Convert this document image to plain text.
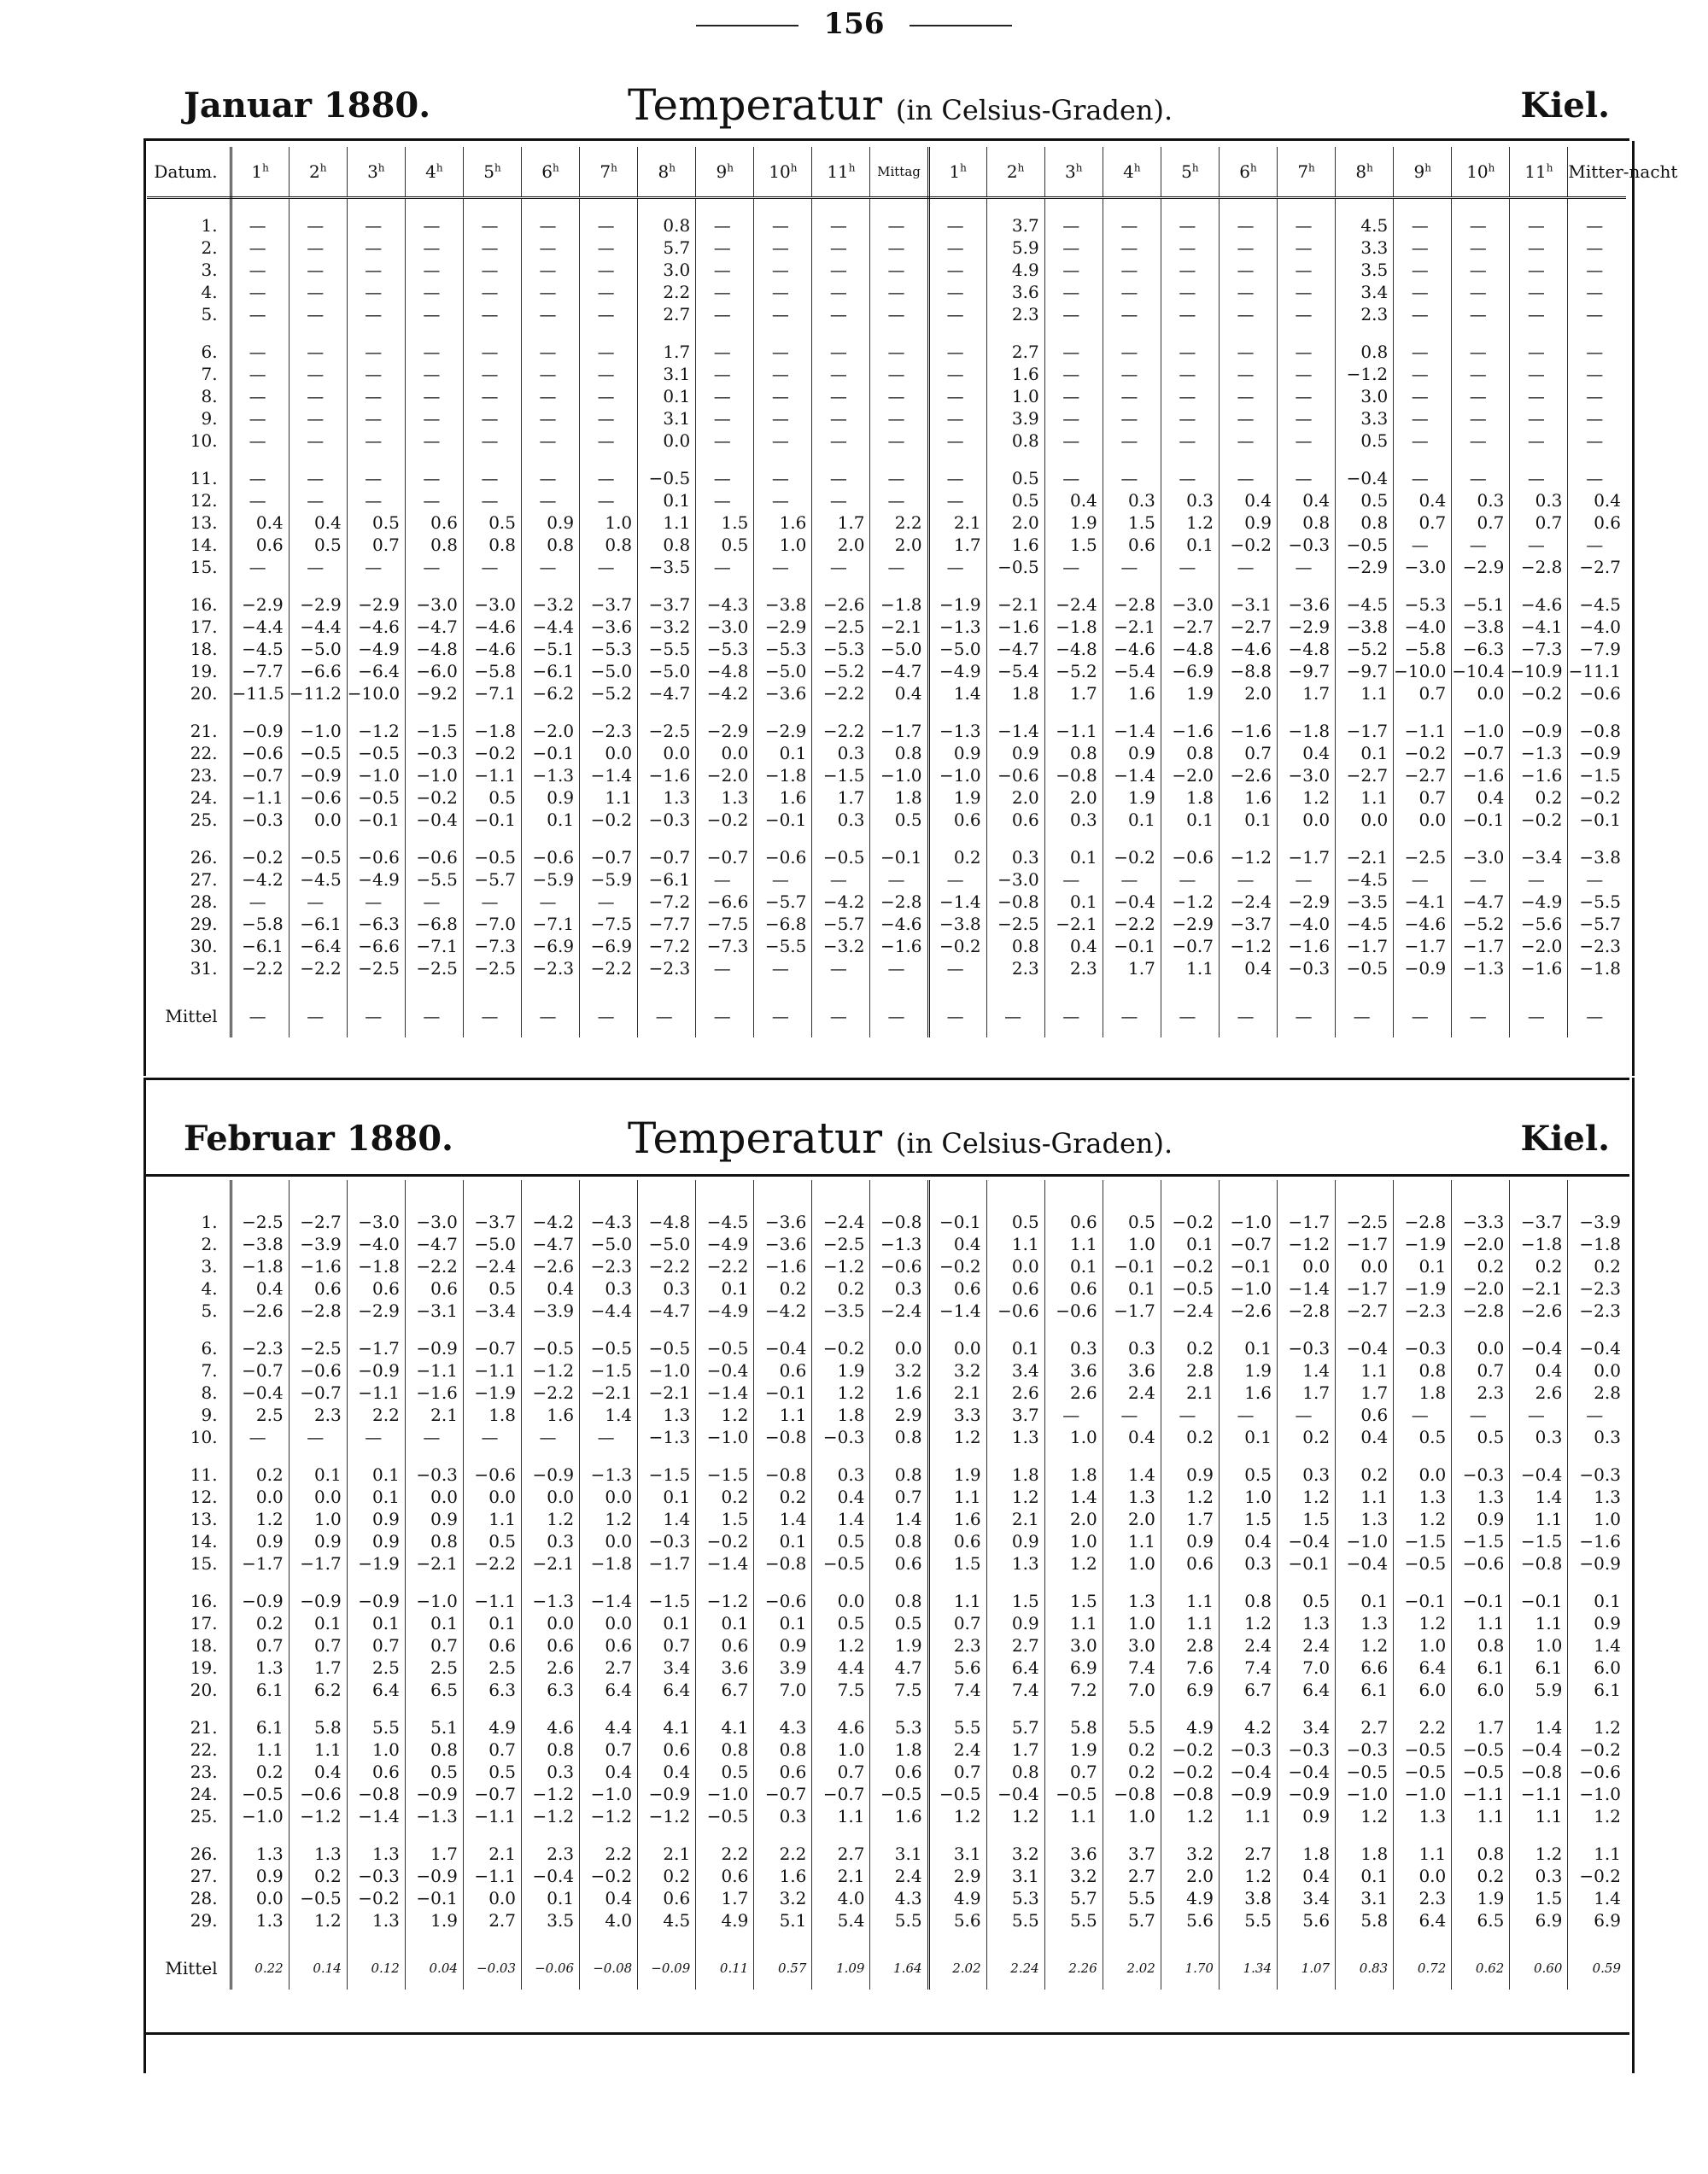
156
Januar 1880.	Temperatur (in Celsius-Graden).	Kiel.
Datum.	1$^h$	2$^h$	3$^h$	4$^h$	5$^h$	6$^h$	7$^h$	8$^h$	9$^h$	10$^h$	11$^h$	Mittag	1$^h$	2$^h$	3$^h$	4$^h$	5$^h$	6$^h$	7$^h$	8$^h$	9$^h$	10$^h$	11$^h$	Mitter-nacht

1.	—	—	—	—	—	—	—	0.8	—	—	—	—	—	3.7	—	—	—	—	—	4.5	—	—	—	—
2.	—	—	—	—	—	—	—	5.7	—	—	—	—	—	5.9	—	—	—	—	—	3.3	—	—	—	—
3.	—	—	—	—	—	—	—	3.0	—	—	—	—	—	4.9	—	—	—	—	—	3.5	—	—	—	—
4.	—	—	—	—	—	—	—	2.2	—	—	—	—	—	3.6	—	—	—	—	—	3.4	—	—	—	—
5.	—	—	—	—	—	—	—	2.7	—	—	—	—	—	2.3	—	—	—	—	—	2.3	—	—	—	—

6.	—	—	—	—	—	—	—	1.7	—	—	—	—	—	2.7	—	—	—	—	—	0.8	—	—	—	—
7.	—	—	—	—	—	—	—	3.1	—	—	—	—	—	1.6	—	—	—	—	—	−1.2	—	—	—	—
8.	—	—	—	—	—	—	—	0.1	—	—	—	—	—	1.0	—	—	—	—	—	3.0	—	—	—	—
9.	—	—	—	—	—	—	—	3.1	—	—	—	—	—	3.9	—	—	—	—	—	3.3	—	—	—	—
10.	—	—	—	—	—	—	—	0.0	—	—	—	—	—	0.8	—	—	—	—	—	0.5	—	—	—	—

11.	—	—	—	—	—	—	—	−0.5	—	—	—	—	—	0.5	—	—	—	—	—	−0.4	—	—	—	—
12.	—	—	—	—	—	—	—	0.1	—	—	—	—	—	0.5	0.4	0.3	0.3	0.4	0.4	0.5	0.4	0.3	0.3	0.4
13.	0.4	0.4	0.5	0.6	0.5	0.9	1.0	1.1	1.5	1.6	1.7	2.2	2.1	2.0	1.9	1.5	1.2	0.9	0.8	0.8	0.7	0.7	0.7	0.6
14.	0.6	0.5	0.7	0.8	0.8	0.8	0.8	0.8	0.5	1.0	2.0	2.0	1.7	1.6	1.5	0.6	0.1	−0.2	−0.3	−0.5	—	—	—	—
15.	—	—	—	—	—	—	—	−3.5	—	—	—	—	—	−0.5	—	—	—	—	—	−2.9	−3.0	−2.9	−2.8	−2.7

16.	−2.9	−2.9	−2.9	−3.0	−3.0	−3.2	−3.7	−3.7	−4.3	−3.8	−2.6	−1.8	−1.9	−2.1	−2.4	−2.8	−3.0	−3.1	−3.6	−4.5	−5.3	−5.1	−4.6	−4.5
17.	−4.4	−4.4	−4.6	−4.7	−4.6	−4.4	−3.6	−3.2	−3.0	−2.9	−2.5	−2.1	−1.3	−1.6	−1.8	−2.1	−2.7	−2.7	−2.9	−3.8	−4.0	−3.8	−4.1	−4.0
18.	−4.5	−5.0	−4.9	−4.8	−4.6	−5.1	−5.3	−5.5	−5.3	−5.3	−5.3	−5.0	−5.0	−4.7	−4.8	−4.6	−4.8	−4.6	−4.8	−5.2	−5.8	−6.3	−7.3	−7.9
19.	−7.7	−6.6	−6.4	−6.0	−5.8	−6.1	−5.0	−5.0	−4.8	−5.0	−5.2	−4.7	−4.9	−5.4	−5.2	−5.4	−6.9	−8.8	−9.7	−9.7	−10.0	−10.4	−10.9	−11.1
20.	−11.5	−11.2	−10.0	−9.2	−7.1	−6.2	−5.2	−4.7	−4.2	−3.6	−2.2	0.4	1.4	1.8	1.7	1.6	1.9	2.0	1.7	1.1	0.7	0.0	−0.2	−0.6

21.	−0.9	−1.0	−1.2	−1.5	−1.8	−2.0	−2.3	−2.5	−2.9	−2.9	−2.2	−1.7	−1.3	−1.4	−1.1	−1.4	−1.6	−1.6	−1.8	−1.7	−1.1	−1.0	−0.9	−0.8
22.	−0.6	−0.5	−0.5	−0.3	−0.2	−0.1	0.0	0.0	0.0	0.1	0.3	0.8	0.9	0.9	0.8	0.9	0.8	0.7	0.4	0.1	−0.2	−0.7	−1.3	−0.9
23.	−0.7	−0.9	−1.0	−1.0	−1.1	−1.3	−1.4	−1.6	−2.0	−1.8	−1.5	−1.0	−1.0	−0.6	−0.8	−1.4	−2.0	−2.6	−3.0	−2.7	−2.7	−1.6	−1.6	−1.5
24.	−1.1	−0.6	−0.5	−0.2	0.5	0.9	1.1	1.3	1.3	1.6	1.7	1.8	1.9	2.0	2.0	1.9	1.8	1.6	1.2	1.1	0.7	0.4	0.2	−0.2
25.	−0.3	0.0	−0.1	−0.4	−0.1	0.1	−0.2	−0.3	−0.2	−0.1	0.3	0.5	0.6	0.6	0.3	0.1	0.1	0.1	0.0	0.0	0.0	−0.1	−0.2	−0.1

26.	−0.2	−0.5	−0.6	−0.6	−0.5	−0.6	−0.7	−0.7	−0.7	−0.6	−0.5	−0.1	0.2	0.3	0.1	−0.2	−0.6	−1.2	−1.7	−2.1	−2.5	−3.0	−3.4	−3.8
27.	−4.2	−4.5	−4.9	−5.5	−5.7	−5.9	−5.9	−6.1	—	—	—	—	—	−3.0	—	—	—	—	—	−4.5	—	—	—	—
28.	—	—	—	—	—	—	—	−7.2	−6.6	−5.7	−4.2	−2.8	−1.4	−0.8	0.1	−0.4	−1.2	−2.4	−2.9	−3.5	−4.1	−4.7	−4.9	−5.5
29.	−5.8	−6.1	−6.3	−6.8	−7.0	−7.1	−7.5	−7.7	−7.5	−6.8	−5.7	−4.6	−3.8	−2.5	−2.1	−2.2	−2.9	−3.7	−4.0	−4.5	−4.6	−5.2	−5.6	−5.7
30.	−6.1	−6.4	−6.6	−7.1	−7.3	−6.9	−6.9	−7.2	−7.3	−5.5	−3.2	−1.6	−0.2	0.8	0.4	−0.1	−0.7	−1.2	−1.6	−1.7	−1.7	−1.7	−2.0	−2.3
31.	−2.2	−2.2	−2.5	−2.5	−2.5	−2.3	−2.2	−2.3	—	—	—	—	—	2.3	2.3	1.7	1.1	0.4	−0.3	−0.5	−0.9	−1.3	−1.6	−1.8

Mittel	—	—	—	—	—	—	—	—	—	—	—	—	—	—	—	—	—	—	—	—	—	—	—	—
Februar 1880.	Temperatur (in Celsius-Graden).	Kiel.

1.	−2.5	−2.7	−3.0	−3.0	−3.7	−4.2	−4.3	−4.8	−4.5	−3.6	−2.4	−0.8	−0.1	0.5	0.6	0.5	−0.2	−1.0	−1.7	−2.5	−2.8	−3.3	−3.7	−3.9
2.	−3.8	−3.9	−4.0	−4.7	−5.0	−4.7	−5.0	−5.0	−4.9	−3.6	−2.5	−1.3	0.4	1.1	1.1	1.0	0.1	−0.7	−1.2	−1.7	−1.9	−2.0	−1.8	−1.8
3.	−1.8	−1.6	−1.8	−2.2	−2.4	−2.6	−2.3	−2.2	−2.2	−1.6	−1.2	−0.6	−0.2	0.0	0.1	−0.1	−0.2	−0.1	0.0	0.0	0.1	0.2	0.2	0.2
4.	0.4	0.6	0.6	0.6	0.5	0.4	0.3	0.3	0.1	0.2	0.2	0.3	0.6	0.6	0.6	0.1	−0.5	−1.0	−1.4	−1.7	−1.9	−2.0	−2.1	−2.3
5.	−2.6	−2.8	−2.9	−3.1	−3.4	−3.9	−4.4	−4.7	−4.9	−4.2	−3.5	−2.4	−1.4	−0.6	−0.6	−1.7	−2.4	−2.6	−2.8	−2.7	−2.3	−2.8	−2.6	−2.3

6.	−2.3	−2.5	−1.7	−0.9	−0.7	−0.5	−0.5	−0.5	−0.5	−0.4	−0.2	0.0	0.0	0.1	0.3	0.3	0.2	0.1	−0.3	−0.4	−0.3	0.0	−0.4	−0.4
7.	−0.7	−0.6	−0.9	−1.1	−1.1	−1.2	−1.5	−1.0	−0.4	0.6	1.9	3.2	3.2	3.4	3.6	3.6	2.8	1.9	1.4	1.1	0.8	0.7	0.4	0.0
8.	−0.4	−0.7	−1.1	−1.6	−1.9	−2.2	−2.1	−2.1	−1.4	−0.1	1.2	1.6	2.1	2.6	2.6	2.4	2.1	1.6	1.7	1.7	1.8	2.3	2.6	2.8
9.	2.5	2.3	2.2	2.1	1.8	1.6	1.4	1.3	1.2	1.1	1.8	2.9	3.3	3.7	—	—	—	—	—	0.6	—	—	—	—
10.	—	—	—	—	—	—	—	−1.3	−1.0	−0.8	−0.3	0.8	1.2	1.3	1.0	0.4	0.2	0.1	0.2	0.4	0.5	0.5	0.3	0.3

11.	0.2	0.1	0.1	−0.3	−0.6	−0.9	−1.3	−1.5	−1.5	−0.8	0.3	0.8	1.9	1.8	1.8	1.4	0.9	0.5	0.3	0.2	0.0	−0.3	−0.4	−0.3
12.	0.0	0.0	0.1	0.0	0.0	0.0	0.0	0.1	0.2	0.2	0.4	0.7	1.1	1.2	1.4	1.3	1.2	1.0	1.2	1.1	1.3	1.3	1.4	1.3
13.	1.2	1.0	0.9	0.9	1.1	1.2	1.2	1.4	1.5	1.4	1.4	1.4	1.6	2.1	2.0	2.0	1.7	1.5	1.5	1.3	1.2	0.9	1.1	1.0
14.	0.9	0.9	0.9	0.8	0.5	0.3	0.0	−0.3	−0.2	0.1	0.5	0.8	0.6	0.9	1.0	1.1	0.9	0.4	−0.4	−1.0	−1.5	−1.5	−1.5	−1.6
15.	−1.7	−1.7	−1.9	−2.1	−2.2	−2.1	−1.8	−1.7	−1.4	−0.8	−0.5	0.6	1.5	1.3	1.2	1.0	0.6	0.3	−0.1	−0.4	−0.5	−0.6	−0.8	−0.9

16.	−0.9	−0.9	−0.9	−1.0	−1.1	−1.3	−1.4	−1.5	−1.2	−0.6	0.0	0.8	1.1	1.5	1.5	1.3	1.1	0.8	0.5	0.1	−0.1	−0.1	−0.1	0.1
17.	0.2	0.1	0.1	0.1	0.1	0.0	0.0	0.1	0.1	0.1	0.5	0.5	0.7	0.9	1.1	1.0	1.1	1.2	1.3	1.3	1.2	1.1	1.1	0.9
18.	0.7	0.7	0.7	0.7	0.6	0.6	0.6	0.7	0.6	0.9	1.2	1.9	2.3	2.7	3.0	3.0	2.8	2.4	2.4	1.2	1.0	0.8	1.0	1.4
19.	1.3	1.7	2.5	2.5	2.5	2.6	2.7	3.4	3.6	3.9	4.4	4.7	5.6	6.4	6.9	7.4	7.6	7.4	7.0	6.6	6.4	6.1	6.1	6.0
20.	6.1	6.2	6.4	6.5	6.3	6.3	6.4	6.4	6.7	7.0	7.5	7.5	7.4	7.4	7.2	7.0	6.9	6.7	6.4	6.1	6.0	6.0	5.9	6.1

21.	6.1	5.8	5.5	5.1	4.9	4.6	4.4	4.1	4.1	4.3	4.6	5.3	5.5	5.7	5.8	5.5	4.9	4.2	3.4	2.7	2.2	1.7	1.4	1.2
22.	1.1	1.1	1.0	0.8	0.7	0.8	0.7	0.6	0.8	0.8	1.0	1.8	2.4	1.7	1.9	0.2	−0.2	−0.3	−0.3	−0.3	−0.5	−0.5	−0.4	−0.2
23.	0.2	0.4	0.6	0.5	0.5	0.3	0.4	0.4	0.5	0.6	0.7	0.6	0.7	0.8	0.7	0.2	−0.2	−0.4	−0.4	−0.5	−0.5	−0.5	−0.8	−0.6
24.	−0.5	−0.6	−0.8	−0.9	−0.7	−1.2	−1.0	−0.9	−1.0	−0.7	−0.7	−0.5	−0.5	−0.4	−0.5	−0.8	−0.8	−0.9	−0.9	−1.0	−1.0	−1.1	−1.1	−1.0
25.	−1.0	−1.2	−1.4	−1.3	−1.1	−1.2	−1.2	−1.2	−0.5	0.3	1.1	1.6	1.2	1.2	1.1	1.0	1.2	1.1	0.9	1.2	1.3	1.1	1.1	1.2

26.	1.3	1.3	1.3	1.7	2.1	2.3	2.2	2.1	2.2	2.2	2.7	3.1	3.1	3.2	3.6	3.7	3.2	2.7	1.8	1.8	1.1	0.8	1.2	1.1
27.	0.9	0.2	−0.3	−0.9	−1.1	−0.4	−0.2	0.2	0.6	1.6	2.1	2.4	2.9	3.1	3.2	2.7	2.0	1.2	0.4	0.1	0.0	0.2	0.3	−0.2
28.	0.0	−0.5	−0.2	−0.1	0.0	0.1	0.4	0.6	1.7	3.2	4.0	4.3	4.9	5.3	5.7	5.5	4.9	3.8	3.4	3.1	2.3	1.9	1.5	1.4
29.	1.3	1.2	1.3	1.9	2.7	3.5	4.0	4.5	4.9	5.1	5.4	5.5	5.6	5.5	5.5	5.7	5.6	5.5	5.6	5.8	6.4	6.5	6.9	6.9

Mittel	0.22	0.14	0.12	0.04	−0.03	−0.06	−0.08	−0.09	0.11	0.57	1.09	1.64	2.02	2.24	2.26	2.02	1.70	1.34	1.07	0.83	0.72	0.62	0.60	0.59
